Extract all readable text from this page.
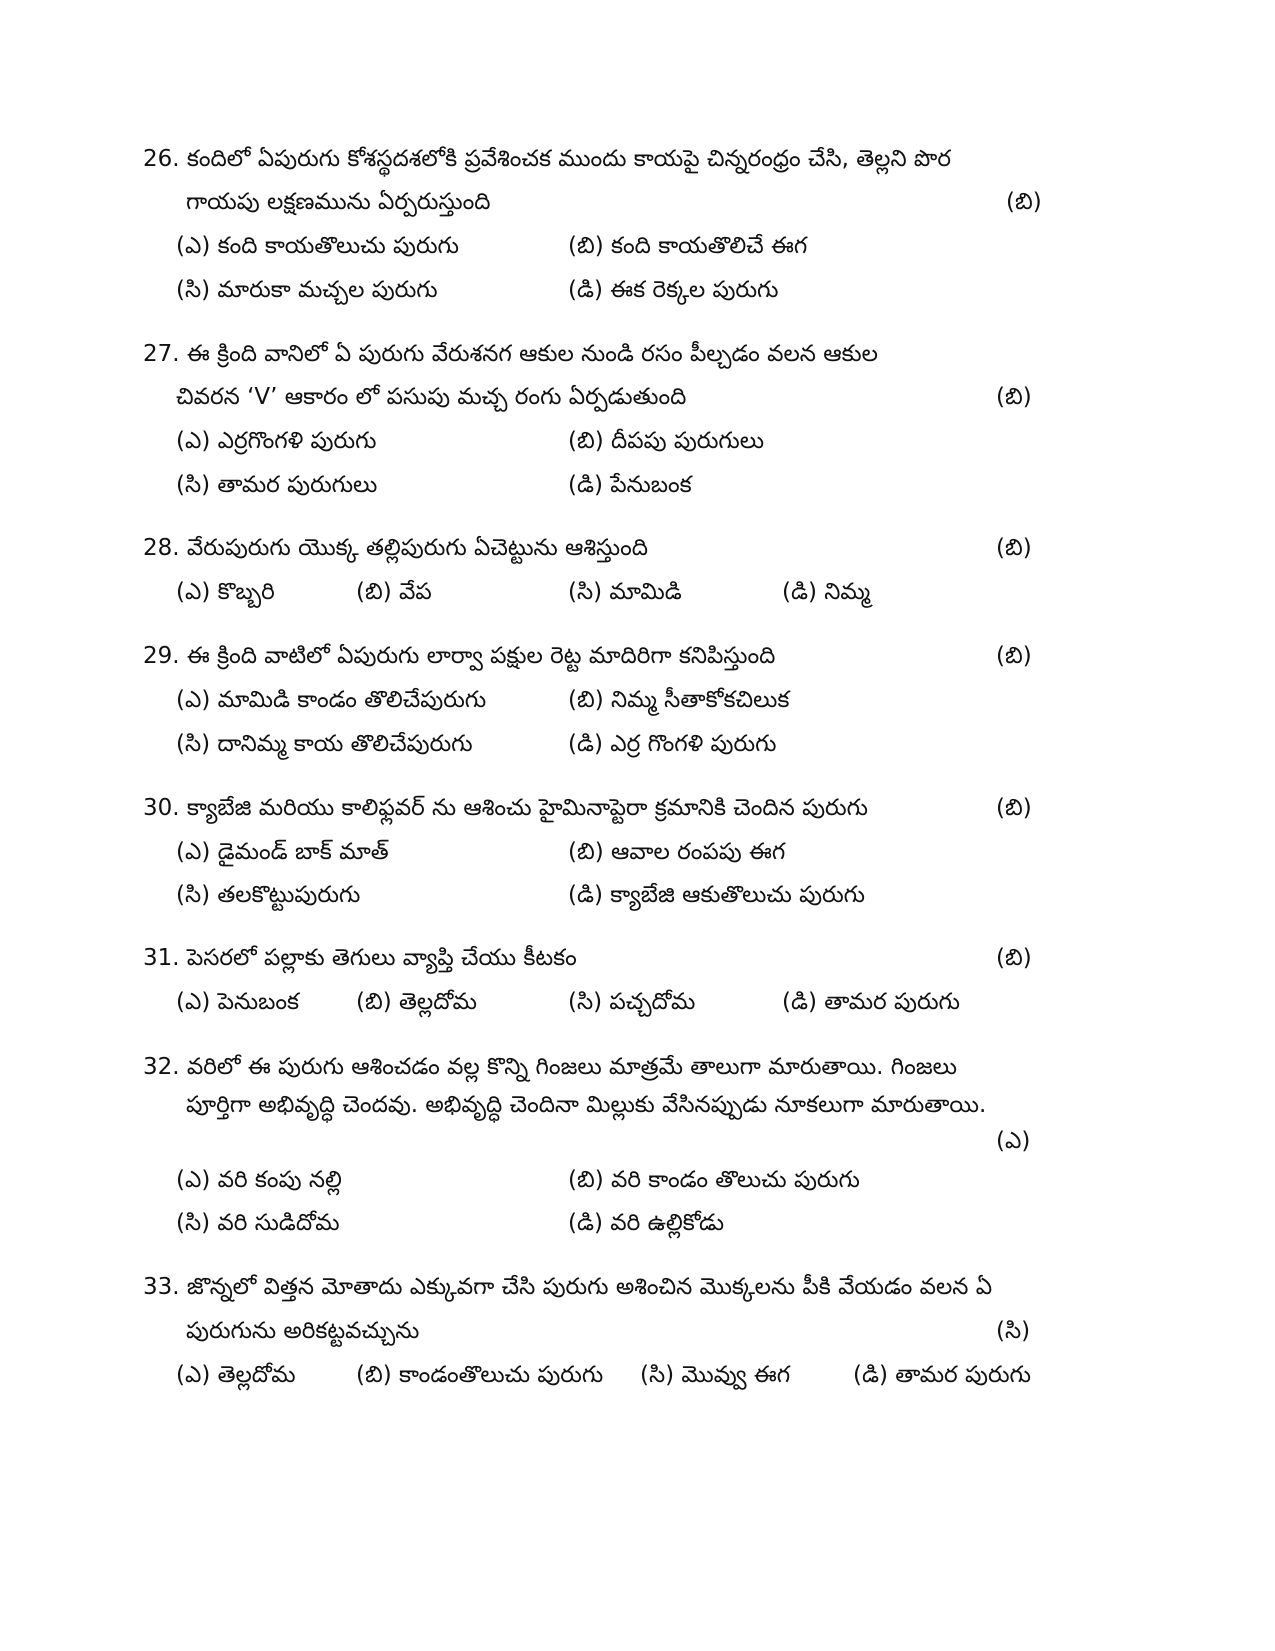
26. కందిలో ఏపురుగు కోశస్థదశలోకి ప్రవేశించక ముందు కాయపై చిన్నరంధ్రం చేసి, తెల్లని పొర
గాయపు లక్షణమును ఏర్పరుస్తుంది	(బి)
(ఎ) కంది కాయతొలుచు పురుగు	(బి) కంది కాయతొలిచే ఈగ
(సి) మారుకా మచ్చల పురుగు	(డి) ఈక రెక్కల పురుగు
27. ఈ క్రింది వానిలో ఏ పురుగు వేరుశనగ ఆకుల నుండి రసం పీల్చడం వలన ఆకుల
చివరన ‘V’ ఆకారం లో పసుపు మచ్చ రంగు ఏర్పడుతుంది	(బి)
(ఎ) ఎర్రగొంగళి పురుగు	(బి) దీపపు పురుగులు
(సి) తామర పురుగులు	(డి) పేనుబంక
28. వేరుపురుగు యొక్క తల్లిపురుగు ఏచెట్టును ఆశిస్తుంది	(బి)
(ఎ) కొబ్బరి	(బి) వేప	(సి) మామిడి	(డి) నిమ్మ
29. ఈ క్రింది వాటిలో ఏపురుగు లార్వా పక్షుల రెట్ట మాదిరిగా కనిపిస్తుంది	(బి)
(ఎ) మామిడి కాండం తొలిచేపురుగు	(బి) నిమ్మ సీతాకోకచిలుక
(సి) దానిమ్మ కాయ తొలిచేపురుగు	(డి) ఎర్ర గొంగళి పురుగు
30. క్యాబేజి మరియు కాలిఫ్లవర్ ను ఆశించు హైమినాప్టెరా క్రమానికి చెందిన పురుగు	(బి)
(ఎ) డైమండ్ బాక్ మాత్	(బి) ఆవాల రంపపు ఈగ
(సి) తలకొట్టుపురుగు	(డి) క్యాబేజి ఆకుతొలుచు పురుగు
31. పెసరలో పల్లాకు తెగులు వ్యాప్తి చేయు కీటకం	(బి)
(ఎ) పెనుబంక (బి) తెల్లదోమ	(సి) పచ్చదోమ	(డి) తామర పురుగు
32. వరిలో ఈ పురుగు ఆశించడం వల్ల కొన్ని గింజలు మాత్రమే తాలుగా మారుతాయి. గింజలు
పూర్తిగా అభివృద్ధి చెందవు. అభివృద్ధి చెందినా మిల్లుకు వేసినప్పుడు నూకలుగా మారుతాయి.
(ఎ)
(ఎ) వరి కంపు నల్లి	(బి) వరి కాండం తొలుచు పురుగు
(సి) వరి సుడిదోమ	(డి) వరి ఉల్లికోడు
33. జొన్నలో విత్తన మోతాదు ఎక్కువగా చేసి పురుగు అశించిన మొక్కలను పీకి వేయడం వలన ఏ
పురుగును అరికట్టవచ్చును	(సి)
(ఎ) తెల్లదోమ	(బి) కాండంతొలుచు పురుగు (సి) మొవ్వు ఈగ	(డి) తామర పురుగు
